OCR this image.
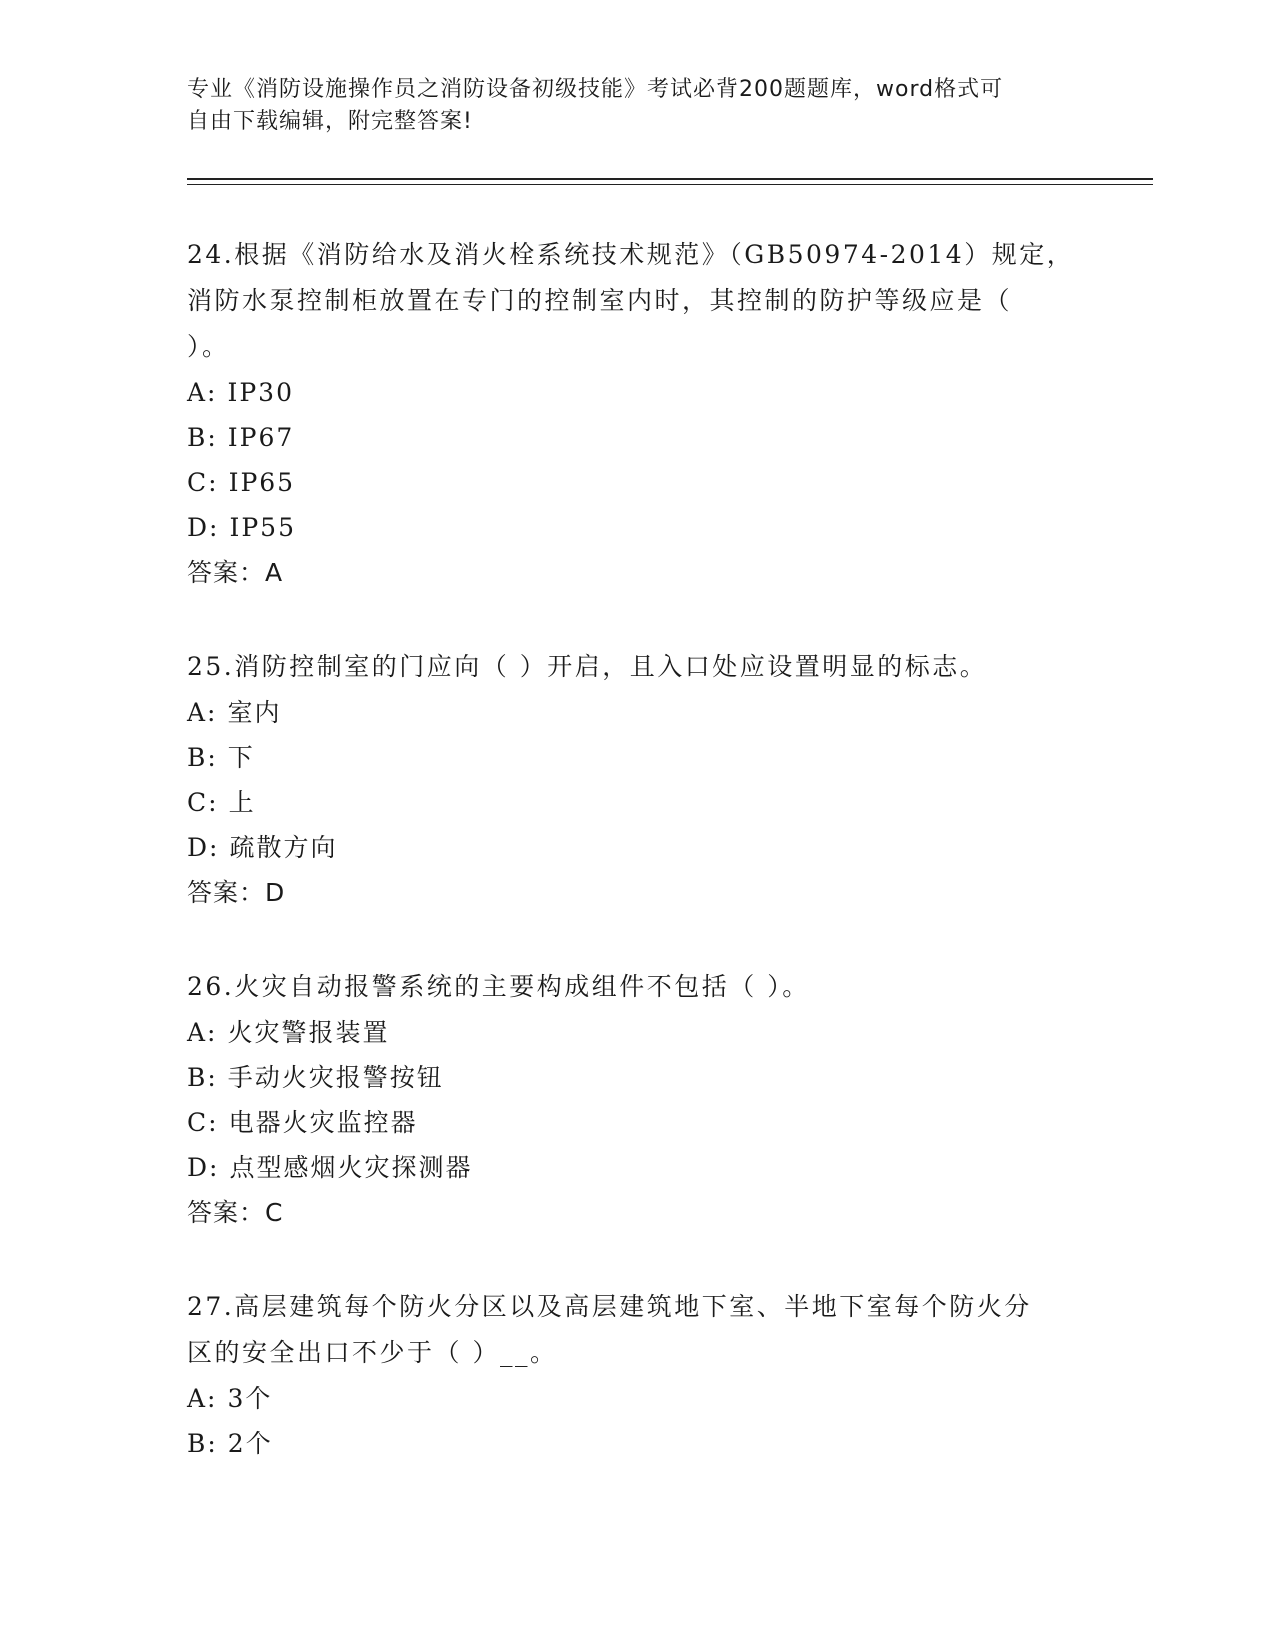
专业《消防设施操作员之消防设备初级技能》考试必背200题题库，word格式可
自由下载编辑，附完整答案!
24.根据《消防给水及消火栓系统技术规范》（GB50974-2014）规定，
消防水泵控制柜放置在专门的控制室内时，其控制的防护等级应是（
）。
A: IP30
B: IP67
C: IP65
D: IP55
答案：A
25.消防控制室的门应向（ ）开启，且入口处应设置明显的标志。
A: 室内
B: 下
C: 上
D: 疏散方向
答案：D
26.火灾自动报警系统的主要构成组件不包括（ ）。
A: 火灾警报装置
B: 手动火灾报警按钮
C: 电器火灾监控器
D: 点型感烟火灾探测器
答案：C
27.高层建筑每个防火分区以及高层建筑地下室、半地下室每个防火分
区的安全出口不少于（ ）__。
A: 3个
B: 2个
